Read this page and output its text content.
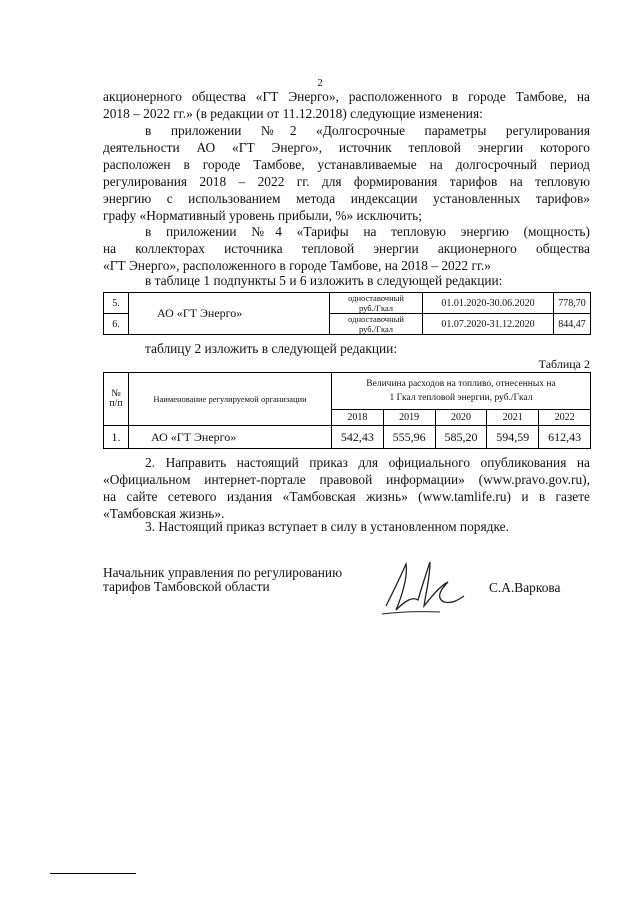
2
акционерного общества «ГТ Энерго», расположенного в городе Тамбове, на
2018 – 2022 гг.» (в редакции от 11.12.2018) следующие изменения:
в приложении №2 «Долгосрочные параметры регулирования
деятельности АО «ГТ Энерго», источник тепловой энергии которого
расположен в городе Тамбове, устанавливаемые на долгосрочный период
регулирования 2018 – 2022 гг. для формирования тарифов на тепловую
энергию с использованием метода индексации установленных тарифов»
графу «Нормативный уровень прибыли, %» исключить;
в приложении №4 «Тарифы на тепловую энергию (мощность)
на коллекторах источника тепловой энергии акционерного общества
«ГТ Энерго», расположенного в городе Тамбове, на 2018 – 2022 гг.»
в таблице 1 подпункты 5 и 6 изложить в следующей редакции:
5.	АО «ГТ Энерго»	одноставочный
руб./Гкал	01.01.2020-30.06.2020	778,70
6.		одноставочный
руб./Гкал	01.07.2020-31.12.2020	844,47
таблицу 2 изложить в следующей редакции:
Таблица 2
№
п/п	Наименование регулируемой организации	Величина расходов на топливо, отнесенных на
1 Гкал тепловой энергии, руб./Гкал				
		2018	2019	2020	2021	2022
1.	АО «ГТ Энерго»	542,43	555,96	585,20	594,59	612,43
2. Направить настоящий приказ для официального опубликования на
«Официальном интернет-портале правовой информации» (www.pravo.gov.ru),
на сайте сетевого издания «Тамбовская жизнь» (www.tamlife.ru) и в газете
«Тамбовская жизнь».
3. Настоящий приказ вступает в силу в установленном порядке.
Начальник управления по регулированию
тарифов Тамбовской области	С.А.Варкова
